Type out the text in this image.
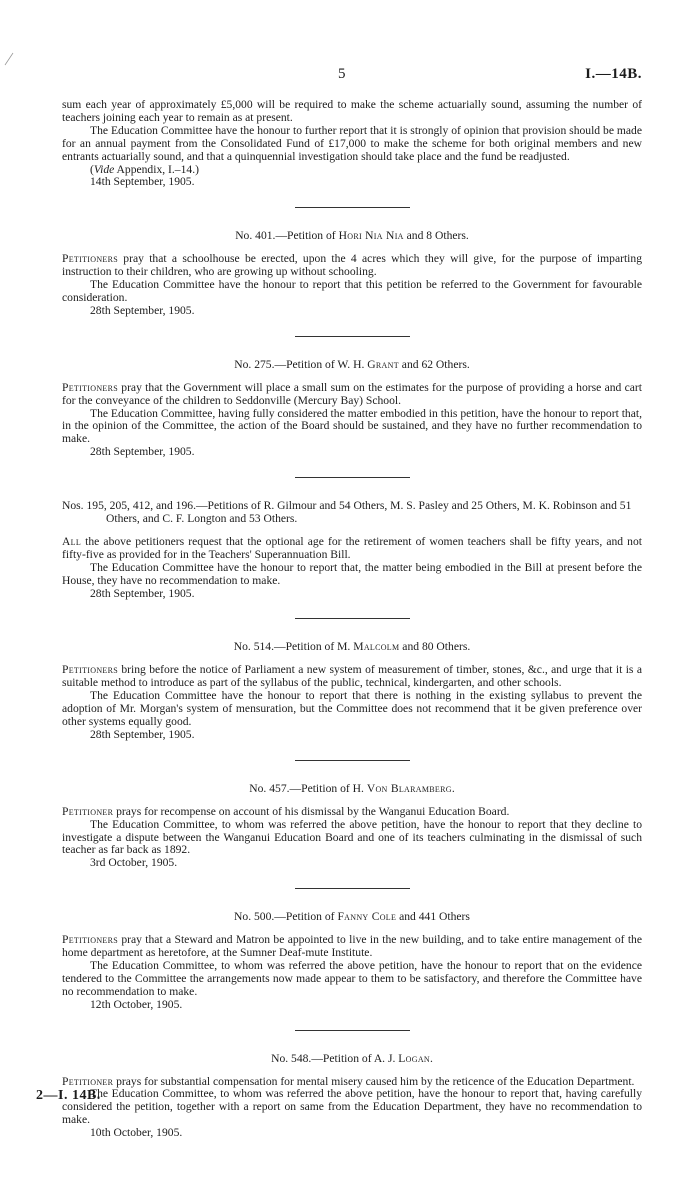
5	I.—14B.

sum each year of approximately £5,000 will be required to make the scheme actuarially sound, assuming the number of teachers joining each year to remain as at present.

The Education Committee have the honour to further report that it is strongly of opinion that provision should be made for an annual payment from the Consolidated Fund of £17,000 to make the scheme for both original members and new entrants actuarially sound, and that a quinquennial investigation should take place and the fund be readjusted.

(Vide Appendix, I.–14.)

14th September, 1905.

No. 401.—Petition of Hori Nia Nia and 8 Others.

Petitioners pray that a schoolhouse be erected, upon the 4 acres which they will give, for the purpose of imparting instruction to their children, who are growing up without schooling.

The Education Committee have the honour to report that this petition be referred to the Government for favourable consideration.

28th September, 1905.

No. 275.—Petition of W. H. Grant and 62 Others.

Petitioners pray that the Government will place a small sum on the estimates for the purpose of providing a horse and cart for the conveyance of the children to Seddonville (Mercury Bay) School.

The Education Committee, having fully considered the matter embodied in this petition, have the honour to report that, in the opinion of the Committee, the action of the Board should be sustained, and they have no further recommendation to make.

28th September, 1905.

Nos. 195, 205, 412, and 196.—Petitions of R. Gilmour and 54 Others, M. S. Pasley and 25 Others, M. K. Robinson and 51 Others, and C. F. Longton and 53 Others.

All the above petitioners request that the optional age for the retirement of women teachers shall be fifty years, and not fifty-five as provided for in the Teachers' Superannuation Bill.

The Education Committee have the honour to report that, the matter being embodied in the Bill at present before the House, they have no recommendation to make.

28th September, 1905.

No. 514.—Petition of M. Malcolm and 80 Others.

Petitioners bring before the notice of Parliament a new system of measurement of timber, stones, &c., and urge that it is a suitable method to introduce as part of the syllabus of the public, technical, kindergarten, and other schools.

The Education Committee have the honour to report that there is nothing in the existing syllabus to prevent the adoption of Mr. Morgan's system of mensuration, but the Committee does not recommend that it be given preference over other systems equally good.

28th September, 1905.

No. 457.—Petition of H. Von Blaramberg.

Petitioner prays for recompense on account of his dismissal by the Wanganui Education Board.

The Education Committee, to whom was referred the above petition, have the honour to report that they decline to investigate a dispute between the Wanganui Education Board and one of its teachers culminating in the dismissal of such teacher as far back as 1892.

3rd October, 1905.

No. 500.—Petition of Fanny Cole and 441 Others

Petitioners pray that a Steward and Matron be appointed to live in the new building, and to take entire management of the home department as heretofore, at the Sumner Deaf-mute Institute.

The Education Committee, to whom was referred the above petition, have the honour to report that on the evidence tendered to the Committee the arrangements now made appear to them to be satisfactory, and therefore the Committee have no recommendation to make.

12th October, 1905.

No. 548.—Petition of A. J. Logan.

Petitioner prays for substantial compensation for mental misery caused him by the reticence of the Education Department.

The Education Committee, to whom was referred the above petition, have the honour to report that, having carefully considered the petition, together with a report on same from the Education Department, they have no recommendation to make.

10th October, 1905.

2—I. 14B.
